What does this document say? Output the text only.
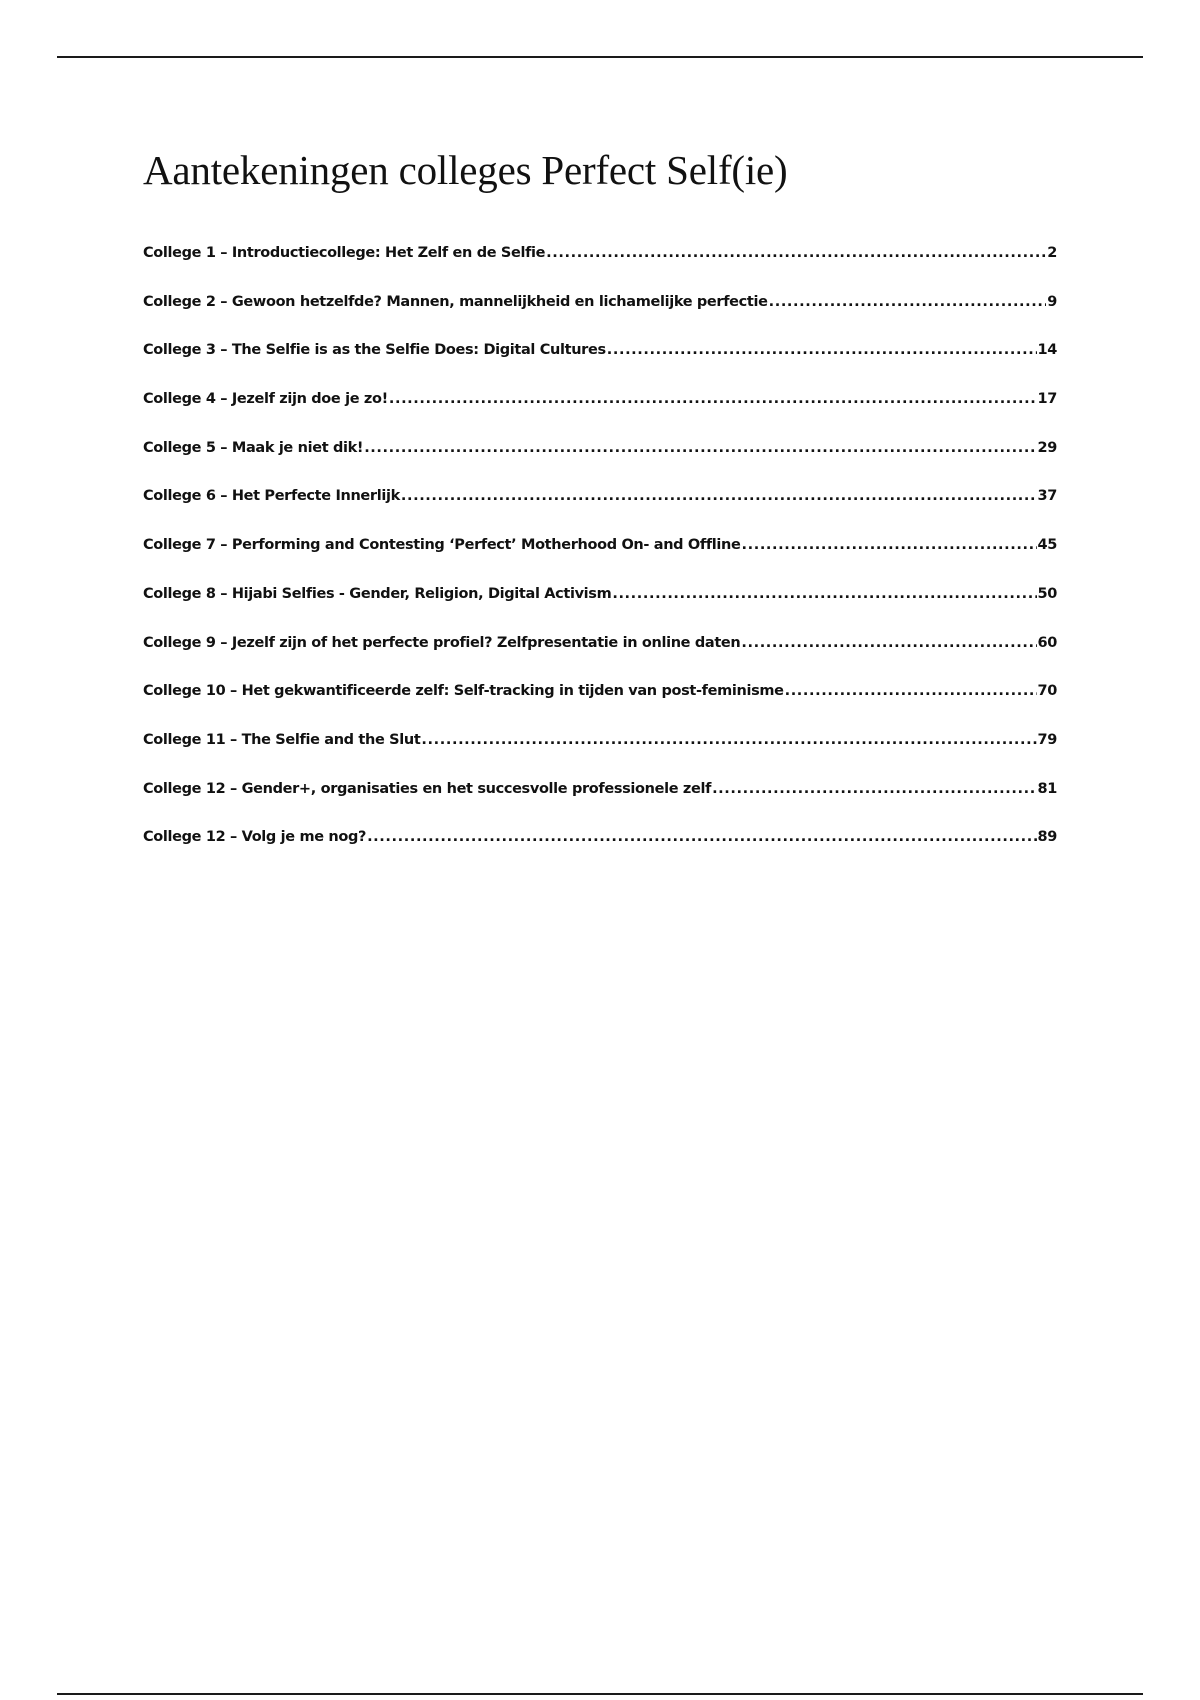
Aantekeningen colleges Perfect Self(ie)
College 1 – Introductiecollege: Het Zelf en de Selfie .....	2
College 2 – Gewoon hetzelfde? Mannen, mannelijkheid en lichamelijke perfectie .....	9
College 3 – The Selfie is as the Selfie Does: Digital Cultures .....	14
College 4 – Jezelf zijn doe je zo! .....	17
College 5 – Maak je niet dik! .....	29
College 6 – Het Perfecte Innerlijk .....	37
College 7 – Performing and Contesting ‘Perfect’ Motherhood On- and Offline .....	45
College 8 – Hijabi Selfies - Gender, Religion, Digital Activism .....	50
College 9 – Jezelf zijn of het perfecte profiel? Zelfpresentatie in online daten .....	60
College 10 – Het gekwantificeerde zelf: Self-tracking in tijden van post-feminisme .....	70
College 11 – The Selfie and the Slut .....	79
College 12 – Gender+, organisaties en het succesvolle professionele zelf .....	81
College 12 – Volg je me nog? .....	89
